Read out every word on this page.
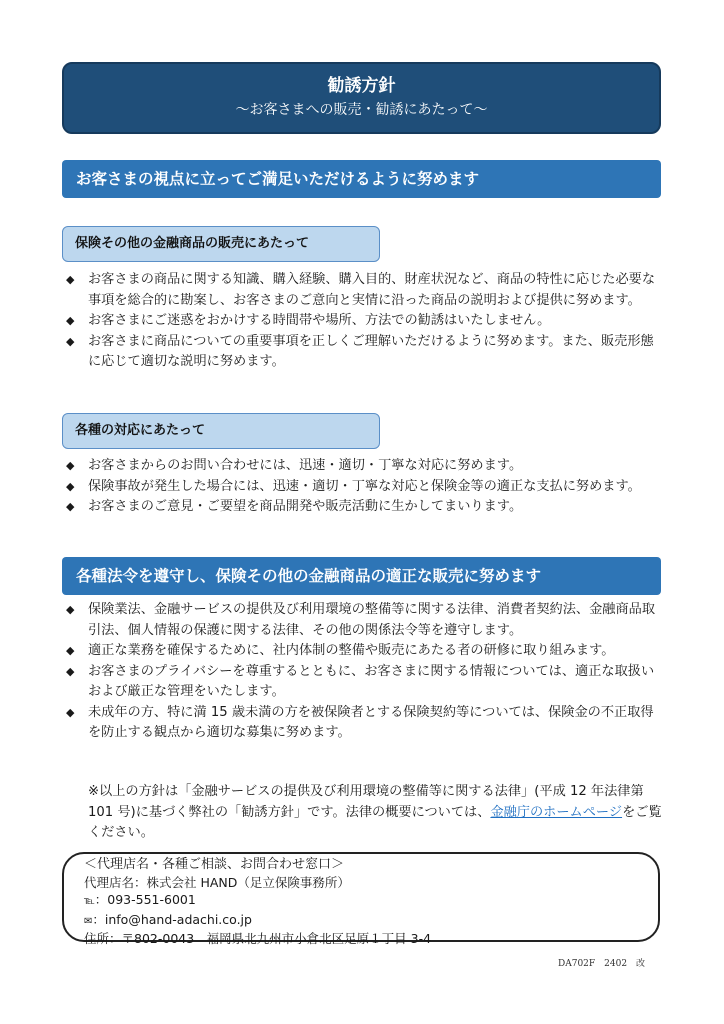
勧誘方針
～お客さまへの販売・勧誘にあたって～
お客さまの視点に立ってご満足いただけるように努めます
保険その他の金融商品の販売にあたって
◆ お客さまの商品に関する知識、購入経験、購入目的、財産状況など、商品の特性に応じた必要な事項を総合的に勘案し、お客さまのご意向と実情に沿った商品の説明および提供に努めます。
◆ お客さまにご迷惑をおかけする時間帯や場所、方法での勧誘はいたしません。
◆ お客さまに商品についての重要事項を正しくご理解いただけるように努めます。また、販売形態に応じて適切な説明に努めます。
各種の対応にあたって
◆ お客さまからのお問い合わせには、迅速・適切・丁寧な対応に努めます。
◆ 保険事故が発生した場合には、迅速・適切・丁寧な対応と保険金等の適正な支払に努めます。
◆ お客さまのご意見・ご要望を商品開発や販売活動に生かしてまいります。
各種法令を遵守し、保険その他の金融商品の適正な販売に努めます
◆ 保険業法、金融サービスの提供及び利用環境の整備等に関する法律、消費者契約法、金融商品取引法、個人情報の保護に関する法律、その他の関係法令等を遵守します。
◆ 適正な業務を確保するために、社内体制の整備や販売にあたる者の研修に取り組みます。
◆ お客さまのプライバシーを尊重するとともに、お客さまに関する情報については、適正な取扱いおよび厳正な管理をいたします。
◆ 未成年の方、特に満 15 歳未満の方を被保険者とする保険契約等については、保険金の不正取得を防止する観点から適切な募集に努めます。
※以上の方針は「金融サービスの提供及び利用環境の整備等に関する法律」(平成 12 年法律第 101 号)に基づく弊社の「勧誘方針」です。法律の概要については、金融庁のホームページをご覧ください。
＜代理店名・各種ご相談、お問合わせ窓口＞
代理店名：株式会社 HAND（足立保険事務所）
℡：093-551-6001
✉：info@hand-adachi.co.jp
住所：〒802-0043　福岡県北九州市小倉北区足原１丁目 3-4
DA702F　2402　改
